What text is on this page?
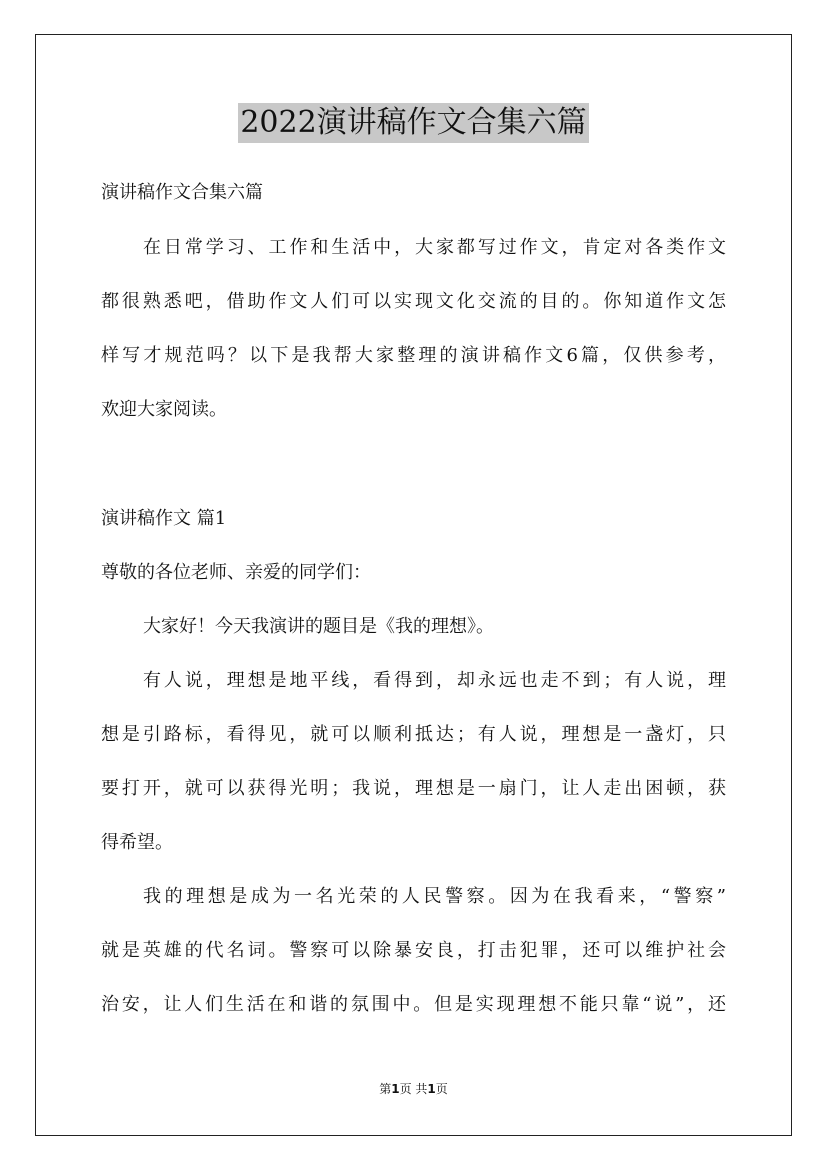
2022演讲稿作文合集六篇
演讲稿作文合集六篇
在日常学习、工作和生活中，大家都写过作文，肯定对各类作文
都很熟悉吧，借助作文人们可以实现文化交流的目的。你知道作文怎
样写才规范吗？以下是我帮大家整理的演讲稿作文6篇，仅供参考，
欢迎大家阅读。
演讲稿作文 篇1
尊敬的各位老师、亲爱的同学们：
大家好！今天我演讲的题目是《我的理想》。
有人说，理想是地平线，看得到，却永远也走不到；有人说，理
想是引路标，看得见，就可以顺利抵达；有人说，理想是一盏灯，只
要打开，就可以获得光明；我说，理想是一扇门，让人走出困顿，获
得希望。
我的理想是成为一名光荣的人民警察。因为在我看来，“警察”
就是英雄的代名词。警察可以除暴安良，打击犯罪，还可以维护社会
治安，让人们生活在和谐的氛围中。但是实现理想不能只靠“说”，还
第1页 共1页
